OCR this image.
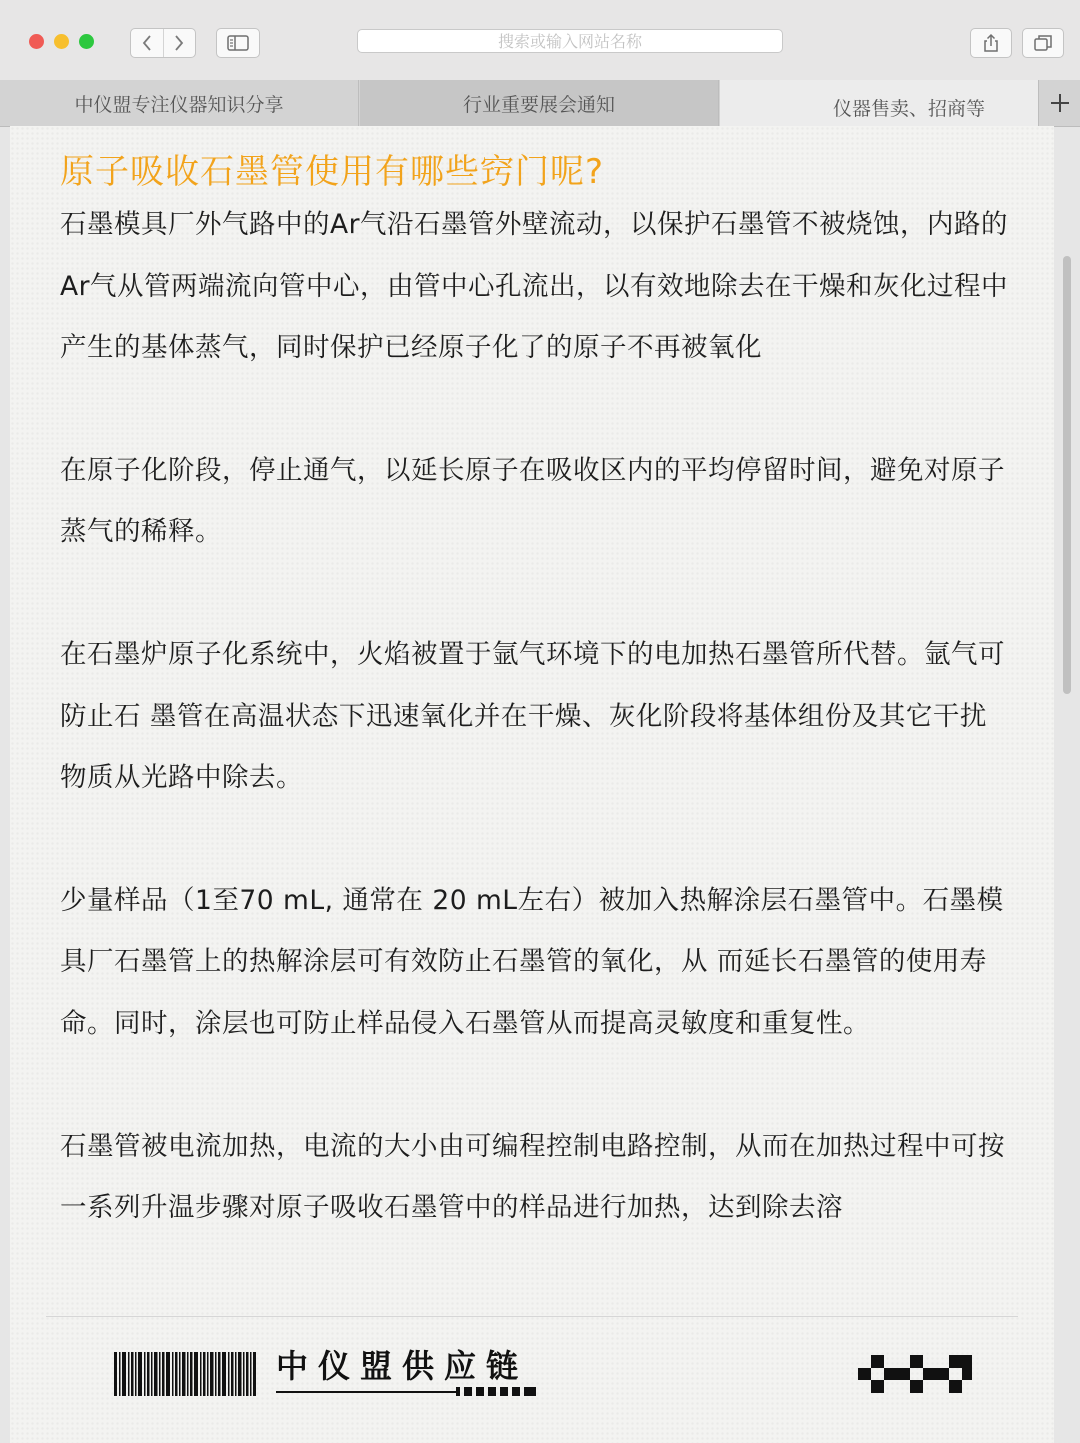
搜索或输入网站名称
中仪盟专注仪器知识分享	行业重要展会通知	仪器售卖、招商等
原子吸收石墨管使用有哪些窍门呢?

石墨模具厂外气路中的Ar气沿石墨管外壁流动，以保护石墨管不被烧蚀，内路的Ar气从管两端流向管中心，由管中心孔流出，以有效地除去在干燥和灰化过程中产生的基体蒸气，同时保护已经原子化了的原子不再被氧化

在原子化阶段，停止通气，以延长原子在吸收区内的平均停留时间，避免对原子蒸气的稀释。

在石墨炉原子化系统中，火焰被置于氩气环境下的电加热石墨管所代替。氩气可防止石 墨管在高温状态下迅速氧化并在干燥、灰化阶段将基体组份及其它干扰物质从光路中除去。

少量样品（1至70 mL, 通常在 20 mL左右）被加入热解涂层石墨管中。石墨模具厂石墨管上的热解涂层可有效防止石墨管的氧化，从 而延长石墨管的使用寿命。同时，涂层也可防止样品侵入石墨管从而提高灵敏度和重复性。

石墨管被电流加热，电流的大小由可编程控制电路控制，从而在加热过程中可按 一系列升温步骤对原子吸收石墨管中的样品进行加热，达到除去溶

中仪盟供应链
